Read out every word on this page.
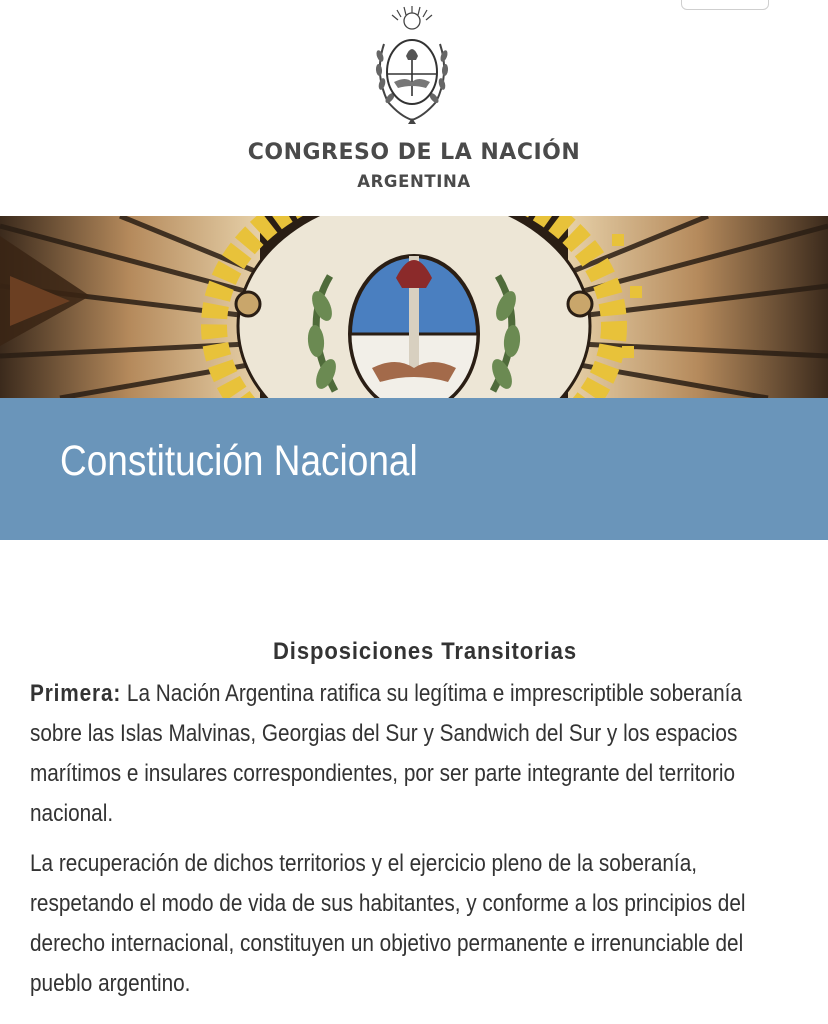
CONGRESO DE LA NACIÓN
ARGENTINA
Constitución Nacional
Disposiciones Transitorias

Primera: La Nación Argentina ratifica su legítima e imprescriptible soberanía sobre las Islas Malvinas, Georgias del Sur y Sandwich del Sur y los espacios marítimos e insulares correspondientes, por ser parte integrante del territorio nacional.

La recuperación de dichos territorios y el ejercicio pleno de la soberanía, respetando el modo de vida de sus habitantes, y conforme a los principios del derecho internacional, constituyen un objetivo permanente e irrenunciable del pueblo argentino.
